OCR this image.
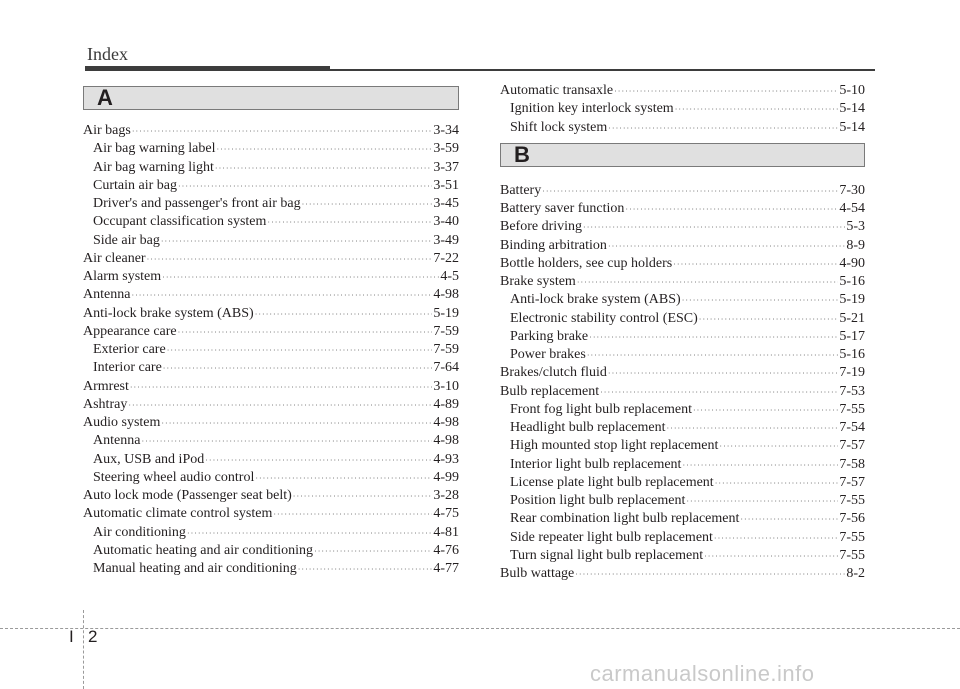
Index
A
Air bags ·····	3-34
Air bag warning label ·····	3-59
Air bag warning light ·····	3-37
Curtain air bag ·····	3-51
Driver's and passenger's front air bag ·····	3-45
Occupant classification system ·····	3-40
Side air bag ·····	3-49
Air cleaner ·····	7-22
Alarm system ·····	4-5
Antenna ·····	4-98
Anti-lock brake system (ABS) ·····	5-19
Appearance care ·····	7-59
Exterior care ·····	7-59
Interior care ·····	7-64
Armrest ·····	3-10
Ashtray ·····	4-89
Audio system ·····	4-98
Antenna ·····	4-98
Aux, USB and iPod ·····	4-93
Steering wheel audio control ·····	4-99
Auto lock mode (Passenger seat belt) ·····	3-28
Automatic climate control system ·····	4-75
Air conditioning ·····	4-81
Automatic heating and air conditioning ·····	4-76
Manual heating and air conditioning ·····	4-77
Automatic transaxle ·····	5-10
Ignition key interlock system ·····	5-14
Shift lock system ·····	5-14
B
Battery ·····	7-30
Battery saver function ·····	4-54
Before driving ·····	5-3
Binding arbitration ·····	8-9
Bottle holders, see cup holders ·····	4-90
Brake system ·····	5-16
Anti-lock brake system (ABS) ·····	5-19
Electronic stability control (ESC) ·····	5-21
Parking brake ·····	5-17
Power brakes ·····	5-16
Brakes/clutch fluid ·····	7-19
Bulb replacement ·····	7-53
Front fog light bulb replacement ·····	7-55
Headlight bulb replacement ·····	7-54
High mounted stop light replacement ·····	7-57
Interior light bulb replacement ·····	7-58
License plate light bulb replacement ·····	7-57
Position light bulb replacement ·····	7-55
Rear combination light bulb replacement ·····	7-56
Side repeater light bulb replacement ·····	7-55
Turn signal light bulb replacement ·····	7-55
Bulb wattage ·····	8-2
I 2
carmanualsonline.info
